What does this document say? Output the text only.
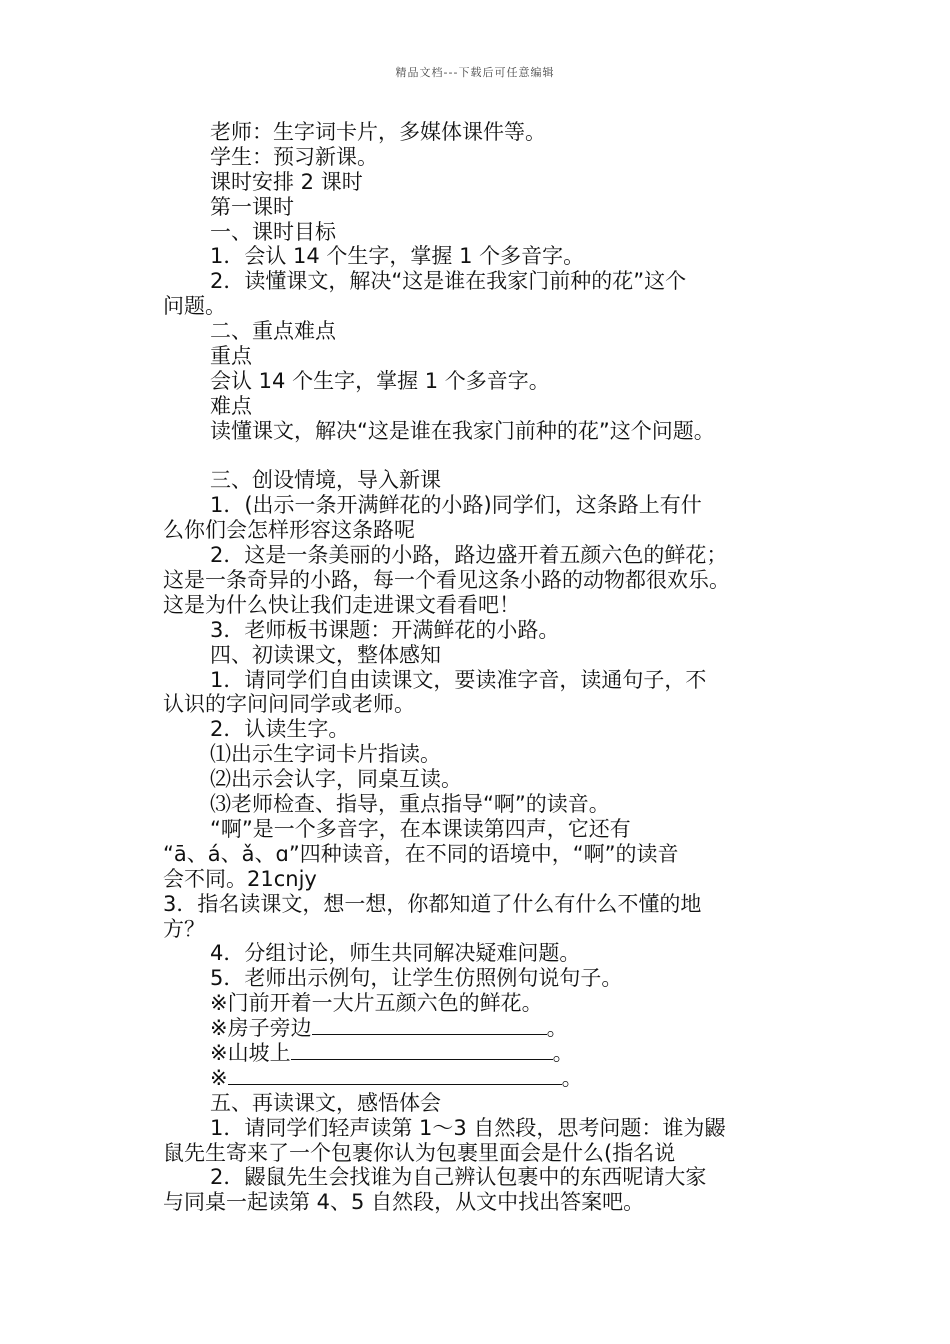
精品文档---下载后可任意编辑
老师：生字词卡片，多媒体课件等。
学生：预习新课。
课时安排 2 课时
第一课时
一、课时目标
1．会认 14 个生字，掌握 1 个多音字。
2．读懂课文，解决“这是谁在我家门前种的花”这个
问题。
二、重点难点
重点
会认 14 个生字，掌握 1 个多音字。
难点
读懂课文，解决“这是谁在我家门前种的花”这个问题。
三、创设情境，导入新课
1．(出示一条开满鲜花的小路)同学们，这条路上有什
么你们会怎样形容这条路呢
2．这是一条美丽的小路，路边盛开着五颜六色的鲜花；
这是一条奇异的小路，每一个看见这条小路的动物都很欢乐。
这是为什么快让我们走进课文看看吧！
3．老师板书课题：开满鲜花的小路。
四、初读课文，整体感知
1．请同学们自由读课文，要读准字音，读通句子，不
认识的字问问同学或老师。
2．认读生字。
⑴出示生字词卡片指读。
⑵出示会认字，同桌互读。
⑶老师检查、指导，重点指导“啊”的读音。
“啊”是一个多音字，在本课读第四声，它还有
“ā、á、ǎ、ɑ”四种读音，在不同的语境中，“啊”的读音
会不同。21cnjy
3．指名读课文，想一想，你都知道了什么有什么不懂的地
方？
4．分组讨论，师生共同解决疑难问题。
5．老师出示例句，让学生仿照例句说句子。
※门前开着一大片五颜六色的鲜花。
※房子旁边	。
※山坡上	。
※	。
五、再读课文，感悟体会
1．请同学们轻声读第 1～3 自然段，思考问题：谁为鼹
鼠先生寄来了一个包裹你认为包裹里面会是什么(指名说
2．鼹鼠先生会找谁为自己辨认包裹中的东西呢请大家
与同桌一起读第 4、5 自然段，从文中找出答案吧。
